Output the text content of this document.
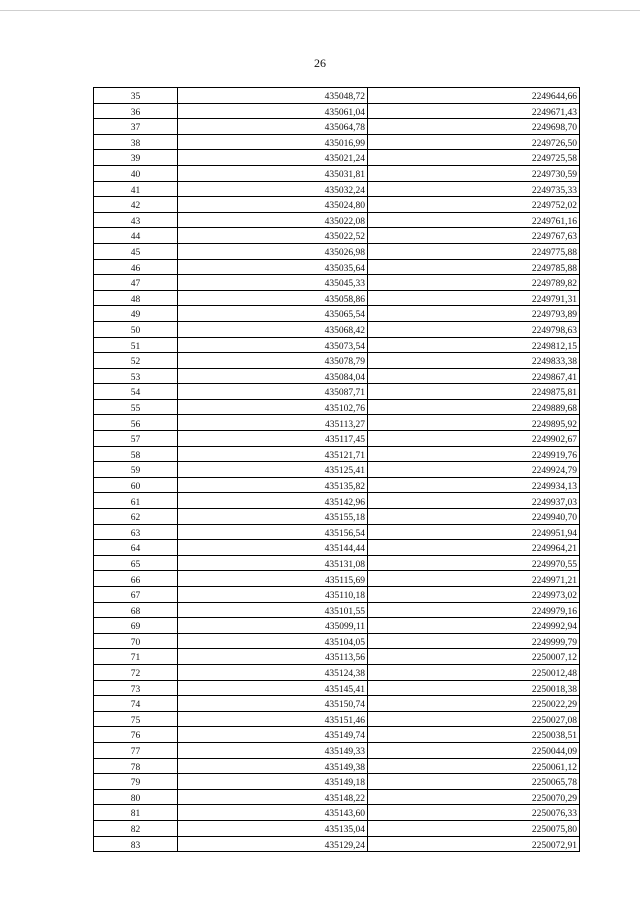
26
35	435048,72	2249644,66
36	435061,04	2249671,43
37	435064,78	2249698,70
38	435016,99	2249726,50
39	435021,24	2249725,58
40	435031,81	2249730,59
41	435032,24	2249735,33
42	435024,80	2249752,02
43	435022,08	2249761,16
44	435022,52	2249767,63
45	435026,98	2249775,88
46	435035,64	2249785,88
47	435045,33	2249789,82
48	435058,86	2249791,31
49	435065,54	2249793,89
50	435068,42	2249798,63
51	435073,54	2249812,15
52	435078,79	2249833,38
53	435084,04	2249867,41
54	435087,71	2249875,81
55	435102,76	2249889,68
56	435113,27	2249895,92
57	435117,45	2249902,67
58	435121,71	2249919,76
59	435125,41	2249924,79
60	435135,82	2249934,13
61	435142,96	2249937,03
62	435155,18	2249940,70
63	435156,54	2249951,94
64	435144,44	2249964,21
65	435131,08	2249970,55
66	435115,69	2249971,21
67	435110,18	2249973,02
68	435101,55	2249979,16
69	435099,11	2249992,94
70	435104,05	2249999,79
71	435113,56	2250007,12
72	435124,38	2250012,48
73	435145,41	2250018,38
74	435150,74	2250022,29
75	435151,46	2250027,08
76	435149,74	2250038,51
77	435149,33	2250044,09
78	435149,38	2250061,12
79	435149,18	2250065,78
80	435148,22	2250070,29
81	435143,60	2250076,33
82	435135,04	2250075,80
83	435129,24	2250072,91
